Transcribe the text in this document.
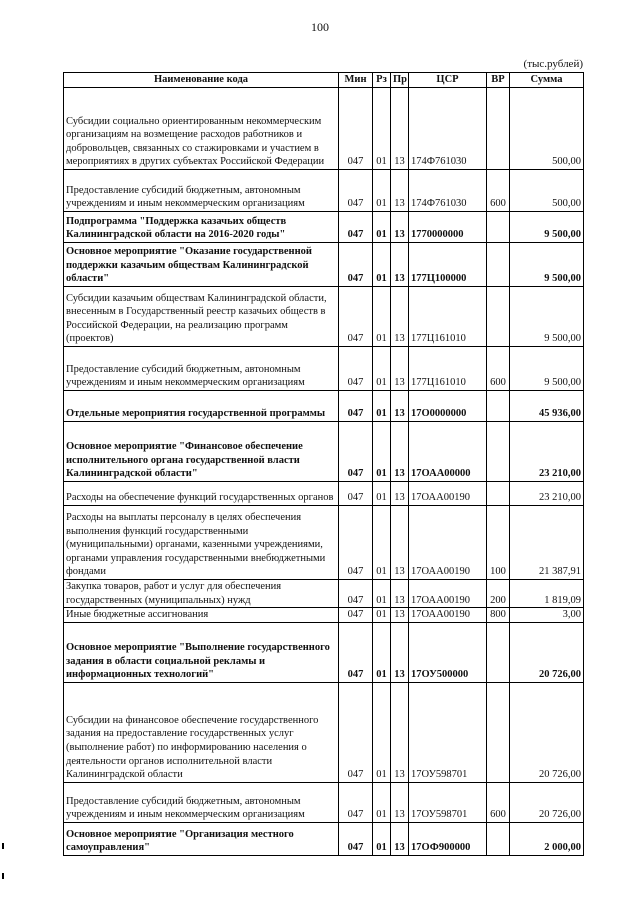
100
(тыс.рублей)
Наименование кода	Мин	Рз	Пр	ЦСР	ВР	Сумма
Субсидии социально ориентированным некоммерческим организациям на возмещение расходов работников и добровольцев, связанных со стажировками и участием в мероприятиях в других субъектах Российской Федерации	047	01	13	174Ф761030		500,00
Предоставление субсидий бюджетным, автономным учреждениям и иным некоммерческим организациям	047	01	13	174Ф761030	600	500,00
Подпрограмма "Поддержка казачьих обществ Калининградской области на 2016-2020 годы"	047	01	13	1770000000		9 500,00
Основное мероприятие "Оказание государственной поддержки казачьим обществам Калининградской области"	047	01	13	177Ц100000		9 500,00
Субсидии казачьим обществам Калининградской области, внесенным в Государственный реестр казачьих обществ в Российской Федерации, на реализацию программ (проектов)	047	01	13	177Ц161010		9 500,00
Предоставление субсидий бюджетным, автономным учреждениям и иным некоммерческим организациям	047	01	13	177Ц161010	600	9 500,00
Отдельные мероприятия государственной программы	047	01	13	17О0000000		45 936,00
Основное мероприятие "Финансовое обеспечение исполнительного органа государственной власти Калининградской области"	047	01	13	17ОАА00000		23 210,00
Расходы на обеспечение функций государственных органов	047	01	13	17ОАА00190		23 210,00
Расходы на выплаты персоналу в целях обеспечения выполнения функций государственными (муниципальными) органами, казенными учреждениями, органами управления государственными внебюджетными фондами	047	01	13	17ОАА00190	100	21 387,91
Закупка товаров, работ и услуг для обеспечения государственных (муниципальных) нужд	047	01	13	17ОАА00190	200	1 819,09
Иные бюджетные ассигнования	047	01	13	17ОАА00190	800	3,00
Основное мероприятие "Выполнение государственного задания в области социальной рекламы и информационных технологий"	047	01	13	17ОУ500000		20 726,00
Субсидии на финансовое обеспечение государственного задания на предоставление государственных услуг (выполнение работ) по информированию населения о деятельности органов исполнительной власти Калининградской области	047	01	13	17ОУ598701		20 726,00
Предоставление субсидий бюджетным, автономным учреждениям и иным некоммерческим организациям	047	01	13	17ОУ598701	600	20 726,00
Основное мероприятие "Организация местного самоуправления"	047	01	13	17ОФ900000		2 000,00
